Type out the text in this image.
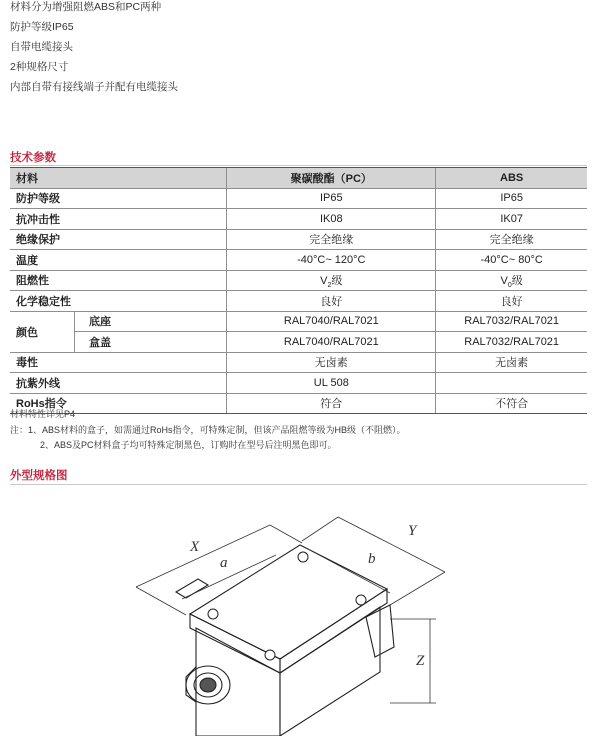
材料分为增强阻燃ABS和PC两种
防护等级IP65
自带电缆接头
2种规格尺寸
内部自带有接线端子并配有电缆接头
技术参数
材料		聚碳酸酯（PC）	ABS
防护等级		IP65	IP65
抗冲击性		IK08	IK07
绝缘保护		完全绝缘	完全绝缘
温度		-40°C~ 120°C	-40°C~ 80°C
阻燃性		$V_2$级	$V_0$级
化学稳定性		良好	良好
颜色	底座	RAL7040/RAL7021	RAL7032/RAL7021
	盒盖	RAL7040/RAL7021	RAL7032/RAL7021
毒性		无卤素	无卤素
抗紫外线		UL 508	
RoHs指令		符合	不符合
材料特性详见P4
注：1、ABS材料的盒子，如需通过RoHs指令，可特殊定制，但该产品阻燃等级为HB级（不阻燃）。
2、ABS及PC材料盒子均可特殊定制黑色，订购时在型号后注明黑色即可。
外型规格图
X
a
Y
b
Z
